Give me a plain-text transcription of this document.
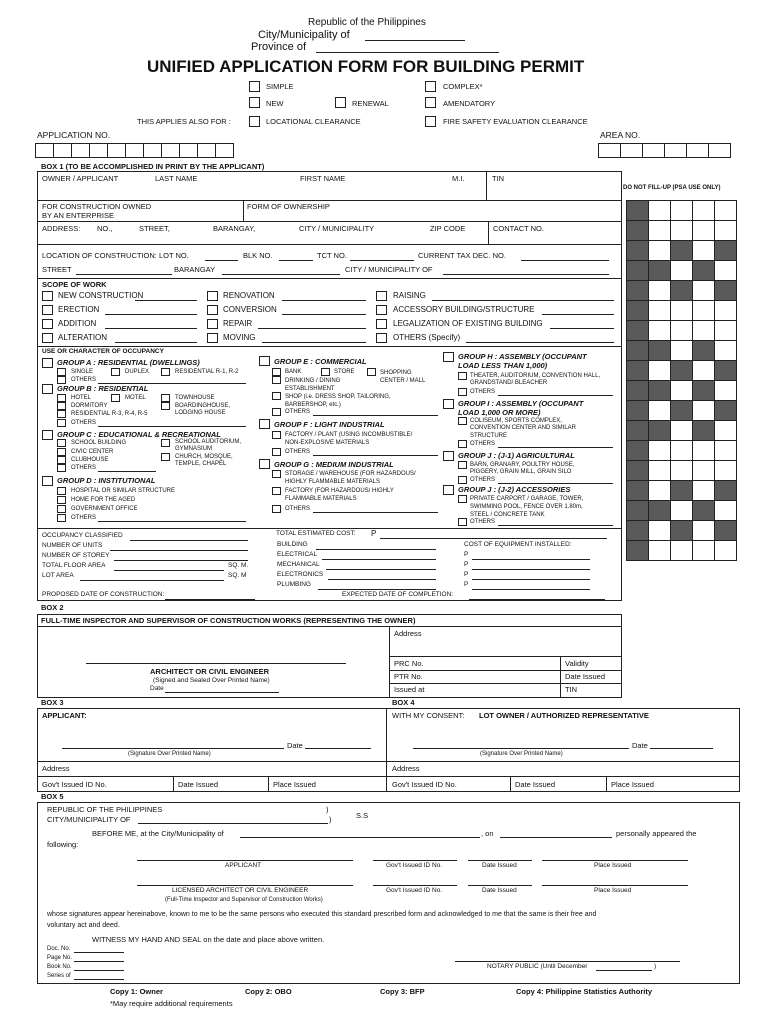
Republic of the Philippines
City/Municipality of
Province of
UNIFIED APPLICATION FORM FOR BUILDING PERMIT
SIMPLE	COMPLEX*
NEW	RENEWAL	AMENDATORY
THIS APPLIES ALSO FOR :	LOCATIONAL CLEARANCE	FIRE SAFETY EVALUATION CLEARANCE
APPLICATION NO.	AREA NO.
DO NOT FILL-UP (PSA USE ONLY)
BOX 1 (TO BE ACCOMPLISHED IN PRINT BY THE APPLICANT)
OWNER / APPLICANT	LAST NAME	FIRST NAME	M.I.	TIN
FOR CONSTRUCTION OWNED
BY AN ENTERPRISE
FORM OF OWNERSHIP
ADDRESS: NO.,	STREET,	BARANGAY,	CITY / MUNICIPALITY	ZIP CODE	CONTACT NO.
LOCATION OF CONSTRUCTION: LOT NO.	BLK NO.	TCT NO.	CURRENT TAX DEC. NO.
STREET	BARANGAY	CITY / MUNICIPALITY OF
SCOPE OF WORK
NEW CONSTRUCTION
ERECTION
ADDITION
ALTERATION
RENOVATION
CONVERSION
REPAIR
MOVING
RAISING
ACCESSORY BUILDING/STRUCTURE
LEGALIZATION OF EXISTING BUILDING
OTHERS (Specify)
USE OR CHARACTER OF OCCUPANCY
GROUP A : RESIDENTIAL (DWELLINGS)
SINGLE	DUPLEX	RESIDENTIAL R-1, R-2
OTHERS
GROUP B : RESIDENTIAL
HOTEL	MOTEL	TOWNHOUSE
DORMITORY	BOARDINGHOUSE,
LODGING HOUSE
RESIDENTIAL R-3, R-4, R-5
OTHERS
GROUP C : EDUCATIONAL & RECREATIONAL
SCHOOL BUILDING	SCHOOL AUDITORIUM,
GYMNASIUM
CIVIC CENTER
CHURCH, MOSQUE,
TEMPLE, CHAPEL
CLUBHOUSE
OTHERS
GROUP D : INSTITUTIONAL
HOSPITAL OR SIMILAR STRUCTURE
HOME FOR THE AGED
GOVERNMENT OFFICE
OTHERS
GROUP E : COMMERCIAL
BANK	STORE	SHOPPING
CENTER / MALL
DRINKING / DINING
ESTABLISHMENT
SHOP (i.e. DRESS SHOP, TAILORING,
BARBERSHOP, etc.)
OTHERS
GROUP F : LIGHT INDUSTRIAL
FACTORY / PLANT (USING INCOMBUSTIBLE/
NON-EXPLOSIVE MATERIALS
OTHERS
GROUP G : MEDIUM INDUSTRIAL
STORAGE / WAREHOUSE (FOR HAZARDOUS/
HIGHLY FLAMMABLE MATERIALS
FACTORY (FOR HAZARDOUS/ HIGHLY
FLAMMABLE MATERIALS
OTHERS
GROUP H : ASSEMBLY (OCCUPANT
LOAD LESS THAN 1,000)
THEATER, AUDITORIUM, CONVENTION HALL,
GRANDSTAND/ BLEACHER
OTHERS
GROUP I : ASSEMBLY (OCCUPANT
LOAD 1,000 OR MORE)
COLISEUM, SPORTS COMPLEX,
CONVENTION CENTER AND SIMILAR
STRUCTURE
OTHERS
GROUP J : (J-1) AGRICULTURAL
BARN, GRANARY, POULTRY HOUSE,
PIGGERY, GRAIN MILL, GRAIN SILO
OTHERS
GROUP J : (J-2) ACCESSORIES
PRIVATE CARPORT / GARAGE, TOWER,
SWIMMING POOL, FENCE OVER 1.80m,
STEEL / CONCRETE TANK
OTHERS
OCCUPANCY CLASSIFIED
NUMBER OF UNITS
NUMBER OF STOREY
TOTAL FLOOR AREA	SQ. M.
LOT AREA	SQ. M
TOTAL ESTIMATED COST: P
BUILDING
ELECTRICAL
MECHANICAL
ELECTRONICS
PLUMBING
COST OF EQUIPMENT INSTALLED:
P
P
P
P
PROPOSED DATE OF CONSTRUCTION:	EXPECTED DATE OF COMPLETION:
BOX 2
FULL-TIME INSPECTOR AND SUPERVISOR OF CONSTRUCTION WORKS (REPRESENTING THE OWNER)
Address
ARCHITECT OR CIVIL ENGINEER
(Signed and Sealed Over Printed Name)
Date
PRC No.	Validity
PTR No.	Date Issued
Issued at	TIN
BOX 3	BOX 4
APPLICANT:
Date
(Signature Over Printed Name)
Address
Gov't Issued ID No.	Date Issued	Place Issued
WITH MY CONSENT: LOT OWNER / AUTHORIZED REPRESENTATIVE
Date
(Signature Over Printed Name)
Address
Gov't Issued ID No.	Date Issued	Place Issued
BOX 5
REPUBLIC OF THE PHILIPPINES	)
CITY/MUNICIPALITY OF	)	S.S
BEFORE ME, at the City/Municipality of	, on	personally appeared the
following:
APPLICANT	Gov't Issued ID No.	Date Issued	Place Issued
LICENSED ARCHITECT OR CIVIL ENGINEER
(Full-Time Inspector and Supervisor of Construction Works)
Gov't Issued ID No.	Date Issued	Place Issued
whose signatures appear hereinabove, known to me to be the same persons who executed this standard prescribed form and acknowledged to me that the same is their free and
voluntary act and deed.
WITNESS MY HAND AND SEAL on the date and place above written.
Doc. No.
Page No.
Book No.
Series of
NOTARY PUBLIC (Until December	)
Copy 1: Owner	Copy 2: OBO	Copy 3: BFP	Copy 4: Philippine Statistics Authority
*May require additional requirements
